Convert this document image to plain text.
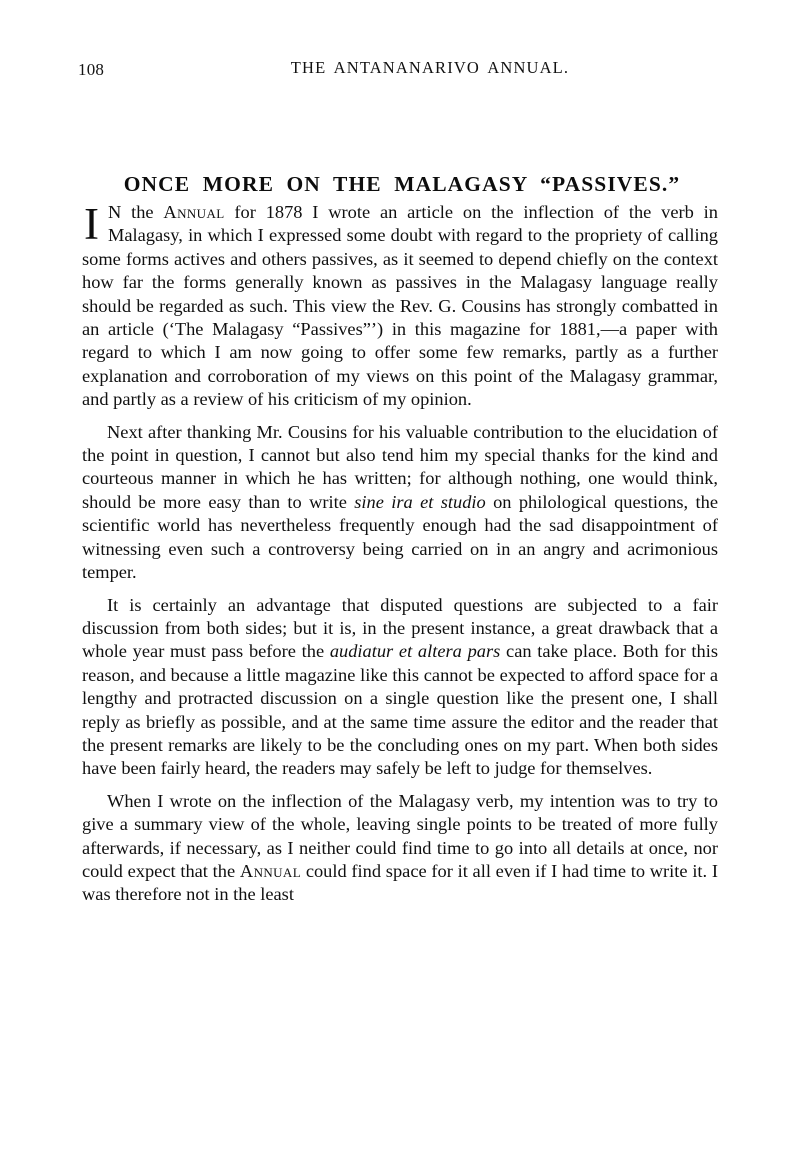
108	THE ANTANANARIVO ANNUAL.
ONCE MORE ON THE MALAGASY “PASSIVES.”

I N the Annual for 1878 I wrote an article on the inflection of the verb in Malagasy, in which I expressed some doubt with regard to the propriety of calling some forms actives and others passives, as it seemed to depend chiefly on the context how far the forms generally known as passives in the Malagasy language really should be regarded as such. This view the Rev. G. Cousins has strongly combatted in an article (‘The Malagasy “Passives”’) in this magazine for 1881,—a paper with regard to which I am now going to offer some few remarks, partly as a further explanation and corroboration of my views on this point of the Malagasy grammar, and partly as a review of his criticism of my opinion.

Next after thanking Mr. Cousins for his valuable contribution to the elucidation of the point in question, I cannot but also tend him my special thanks for the kind and courteous manner in which he has written; for although nothing, one would think, should be more easy than to write sine ira et studio on philological questions, the scientific world has nevertheless frequently enough had the sad disappointment of witnessing even such a controversy being carried on in an angry and acrimonious temper.

It is certainly an advantage that disputed questions are subjected to a fair discussion from both sides; but it is, in the present instance, a great drawback that a whole year must pass before the audiatur et altera pars can take place. Both for this reason, and because a little magazine like this cannot be expected to afford space for a lengthy and protracted discussion on a single question like the present one, I shall reply as briefly as possible, and at the same time assure the editor and the reader that the present remarks are likely to be the concluding ones on my part. When both sides have been fairly heard, the readers may safely be left to judge for themselves.

When I wrote on the inflection of the Malagasy verb, my intention was to try to give a summary view of the whole, leaving single points to be treated of more fully afterwards, if necessary, as I neither could find time to go into all details at once, nor could expect that the Annual could find space for it all even if I had time to write it. I was therefore not in the least
